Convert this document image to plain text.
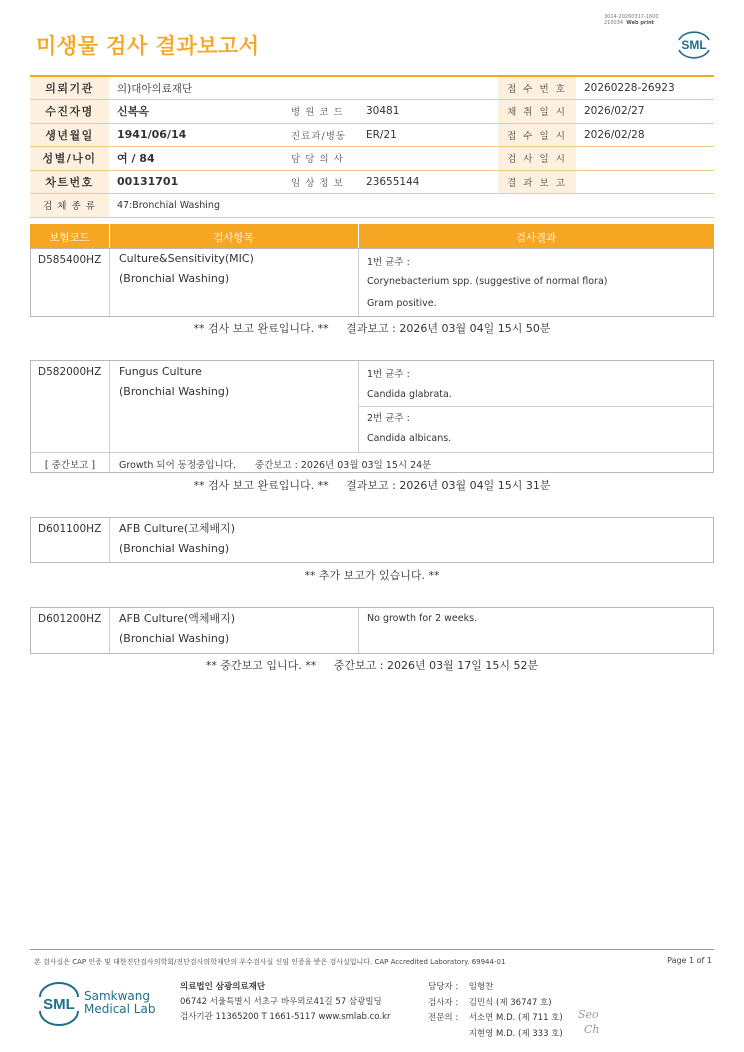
3014-20260317-1600
210034 Web print
미생물 검사 결과보고서	SML
의뢰기관	의)대아의료재단			접 수 번 호	20260228-26923
수진자명	신복옥	병 원 코 드	30481	채 취 일 시	2026/02/27
생년월일	1941/06/14	진료과/병동	ER/21	접 수 일 시	2026/02/28
성별/나이	여 / 84	담 당 의 사		검 사 일 시	
차트번호	00131701	임 상 정 보	23655144	결 과 보 고	
검 체 종 류	47:Bronchial Washing				
보험코드	검사항목	검사결과
D585400HZ Culture&Sensitivity(MIC)
(Bronchial Washing)
1번 균주 :
Corynebacterium spp. (suggestive of normal flora)
Gram positive.
** 검사 보고 완료입니다. ** 결과보고 : 2026년 03월 04일 15시 50분
D582000HZ Fungus Culture
(Bronchial Washing)
1번 균주 :
Candida glabrata.
2번 균주 :
Candida albicans.
[ 중간보고 ]	Growth 되어 동정중입니다. 중간보고 : 2026년 03월 03일 15시 24분
** 검사 보고 완료입니다. ** 결과보고 : 2026년 03월 04일 15시 31분
D601100HZ AFB Culture(고체배지)
(Bronchial Washing)
** 추가 보고가 있습니다. **
D601200HZ AFB Culture(액체배지)
(Bronchial Washing)
No growth for 2 weeks.
** 중간보고 입니다. ** 중간보고 : 2026년 03월 17일 15시 52분
본 검사실은 CAP 인증 및 대한진단검사의학회/진단검사의학재단의 우수검사실 신임 인증을 받은 검사실입니다. CAP Accredited Laboratory. 69944-01	Page 1 of 1
SML Samkwang
Medical Lab
의료법인 삼광의료재단
06742 서울특별시 서초구 바우뫼로41길 57 삼광빌딩
검사기관 11365200 T 1661-5117 www.smlab.co.kr
담당자 : 임형찬
검사자 : 김민식 (제 36747 호)
전문의 : 서소연 M.D. (제 711 호)
지현영 M.D. (제 333 호)
Seo
Ch
